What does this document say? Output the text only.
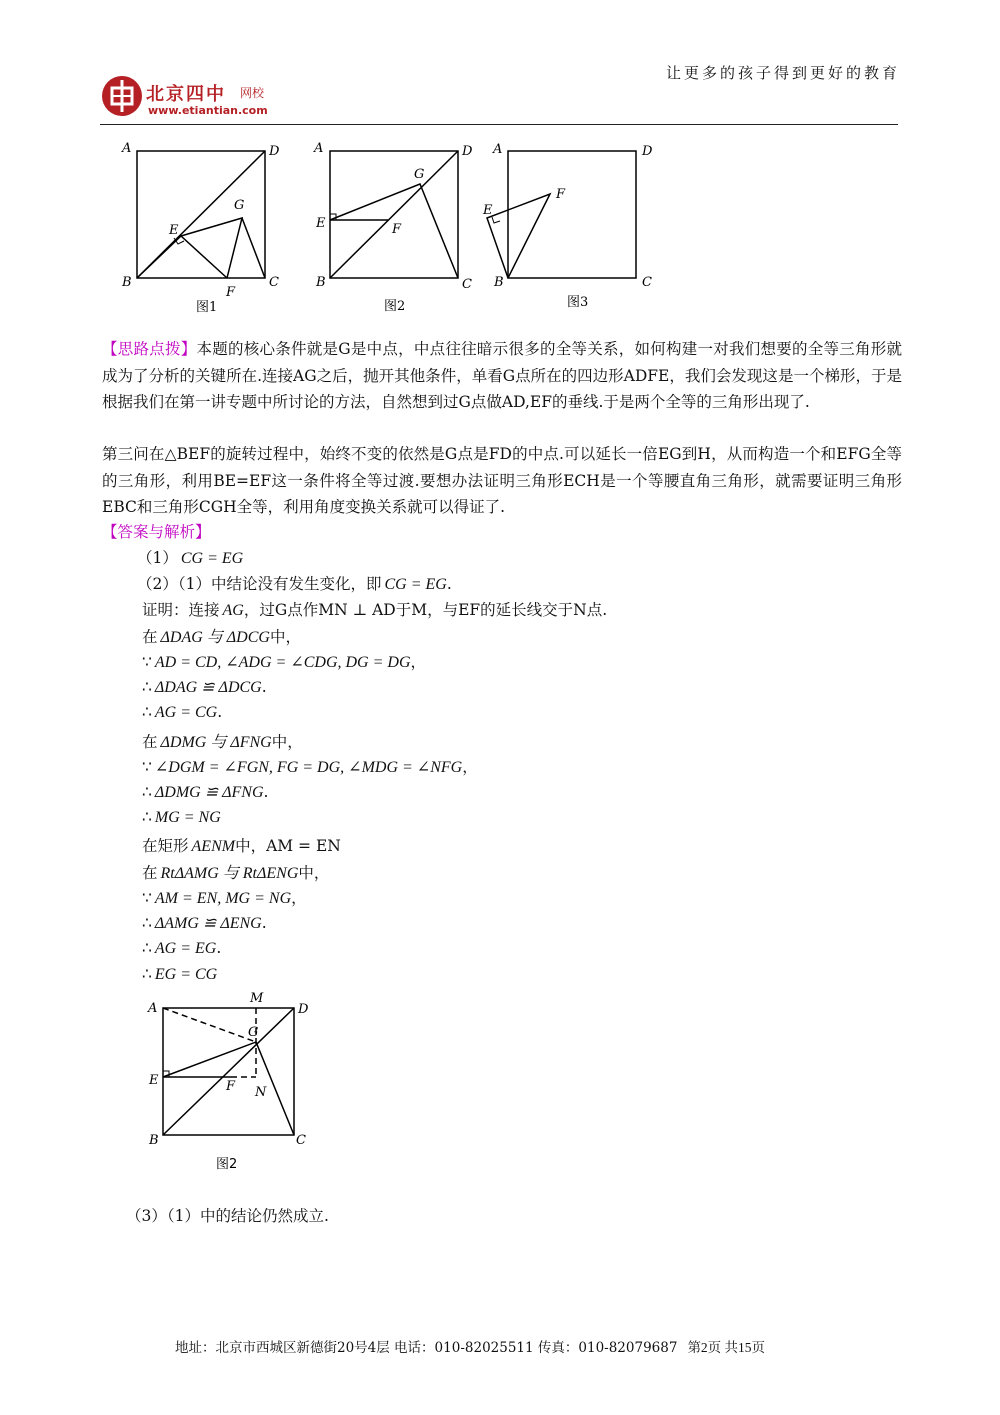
让更多的孩子得到更好的教育
北京四中 网校
www.etiantian.com
A	D
B	C
E
F
G
A	D
B	C
E	F
G
A	D
B	C
E
F
图1	图2	图3
【思路点拨】本题的核心条件就是G是中点，中点往往暗示很多的全等关系，如何构建一对我们想要的全等三角形就成为了分析的关键所在.连接AG之后，抛开其他条件，单看G点所在的四边形ADFE，我们会发现这是一个梯形，于是根据我们在第一讲专题中所讨论的方法，自然想到过G点做AD,EF的垂线.于是两个全等的三角形出现了.
第三问在△BEF的旋转过程中，始终不变的依然是G点是FD的中点.可以延长一倍EG到H，从而构造一个和EFG全等的三角形，利用BE=EF这一条件将全等过渡.要想办法证明三角形ECH是一个等腰直角三角形，就需要证明三角形EBC和三角形CGH全等，利用角度变换关系就可以得证了.
【答案与解析】
（1） CG = EG
（2）（1）中结论没有发生变化，即 CG = EG.
证明：连接 AG，过G点作MN ⊥ AD于M，与EF的延长线交于N点.
在 ΔDAG 与 ΔDCG中，
∵ AD = CD, ∠ADG = ∠CDG, DG = DG，
∴ ΔDAG ≌ ΔDCG.
∴ AG = CG.
在 ΔDMG 与 ΔFNG中，
∵ ∠DGM = ∠FGN, FG = DG, ∠MDG = ∠NFG，
∴ ΔDMG ≌ ΔFNG.
∴ MG = NG
在矩形 AENM中，AM = EN
在 RtΔAMG 与 RtΔENG中，
∵ AM = EN, MG = NG，
∴ ΔAMG ≌ ΔENG.
∴ AG = EG.
∴ EG = CG
A
M
D
G
E	F N
B	C
图2
（3）（1）中的结论仍然成立.
地址：北京市西城区新德街20号4层 电话：010-82025511 传真：010-82079687 第2页 共15页
